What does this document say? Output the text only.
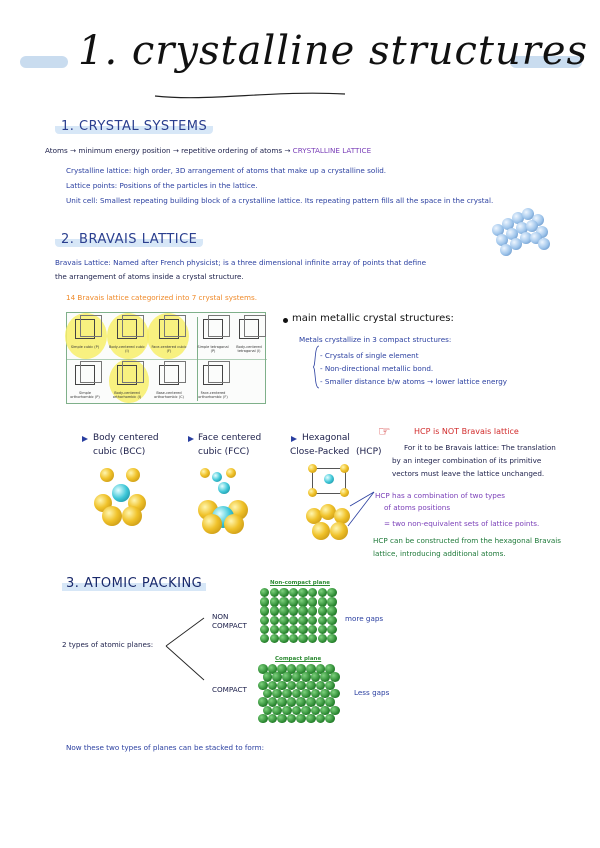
1. crystalline structures
1. CRYSTAL SYSTEMS
Atoms → minimum energy position → repetitive ordering of atoms → CRYSTALLINE LATTICE
Crystalline lattice: high order, 3D arrangement of atoms that make up a crystalline solid.
Lattice points: Positions of the particles in the lattice.
Unit cell: Smallest repeating building block of a crystalline lattice. Its repeating pattern fills all the space in the crystal.
2. BRAVAIS LATTICE
Bravais Lattice: Named after French physicist; is a three dimensional infinite array of points that define
the arrangement of atoms inside a crystal structure.
14 Bravais lattice categorized into 7 crystal systems.
Simple cubic (P)	Body-centered cubic (I)
Face-centered cubic (F)
Simple tetragonal (P)
Body-centered tetragonal (I)
Simple orthorhombic (P)
Body-centered orthorhombic (I)
Base-centered orthorhombic (C)
Face-centered orthorhombic (F)
main metallic crystal structures:
Metals crystallize in 3 compact structures:
- Crystals of single element
- Non-directional metallic bond.
- Smaller distance b/w atoms → lower lattice energy
Body centered
cubic (BCC)
Face centered
cubic (FCC)
Hexagonal
Close-Packed (HCP)
☞	HCP is NOT Bravais lattice
For it to be Bravais lattice: The translation
by an integer combination of its primitive
vectors must leave the lattice unchanged.
HCP has a combination of two types
of atoms positions
= two non-equivalent sets of lattice points.
HCP can be constructed from the hexagonal Bravais
lattice, introducing additional atoms.
3. ATOMIC PACKING
2 types of atomic planes:
NON COMPACT
COMPACT
Non-compact plane
Compact plane
more gaps
Less gaps
Now these two types of planes can be stacked to form:
